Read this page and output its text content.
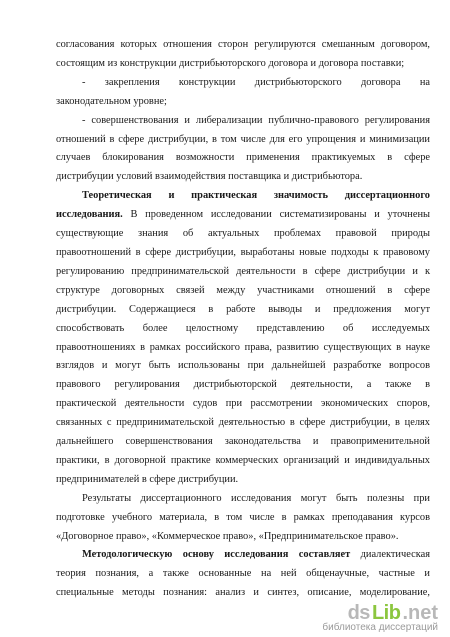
согласования которых отношения сторон регулируются смешанным договором,
состоящим из конструкции дистрибьюторского договора и договора поставки;
- закрепления конструкции дистрибьюторского договора на
законодательном уровне;
- совершенствования и либерализации публично-правового регулирования
отношений в сфере дистрибуции, в том числе для его упрощения и минимизации
случаев блокирования возможности применения практикуемых в сфере
дистрибуции условий взаимодействия поставщика и дистрибьютора.
Теоретическая и практическая значимость диссертационного
исследования. В проведенном исследовании систематизированы и уточнены
существующие знания об актуальных проблемах правовой природы
правоотношений в сфере дистрибуции, выработаны новые подходы к правовому
регулированию предпринимательской деятельности в сфере дистрибуции и к
структуре договорных связей между участниками отношений в сфере
дистрибуции. Содержащиеся в работе выводы и предложения могут
способствовать более целостному представлению об исследуемых
правоотношениях в рамках российского права, развитию существующих в науке
взглядов и могут быть использованы при дальнейшей разработке вопросов
правового регулирования дистрибьюторской деятельности, а также в
практической деятельности судов при рассмотрении экономических споров,
связанных с предпринимательской деятельностью в сфере дистрибуции, в целях
дальнейшего совершенствования законодательства и правоприменительной
практики, в договорной практике коммерческих организаций и индивидуальных
предпринимателей в сфере дистрибуции.
Результаты диссертационного исследования могут быть полезны при
подготовке учебного материала, в том числе в рамках преподавания курсов
«Договорное право», «Коммерческое право», «Предпринимательское право».
Методологическую основу исследования составляет диалектическая
теория познания, а также основанные на ней общенаучные, частные и
специальные методы познания: анализ и синтез, описание, моделирование,
ds Lib .net
библиотека диссертаций
